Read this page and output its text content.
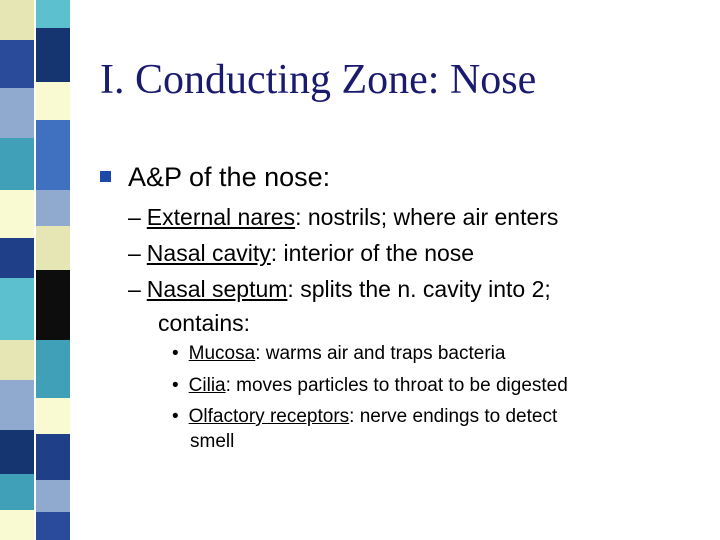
I. Conducting Zone: Nose
A&P of the nose:
– External nares: nostrils; where air enters
– Nasal cavity: interior of the nose
– Nasal septum: splits the n. cavity into 2;
contains:
• Mucosa: warms air and traps bacteria
• Cilia: moves particles to throat to be digested
• Olfactory receptors: nerve endings to detect
smell
